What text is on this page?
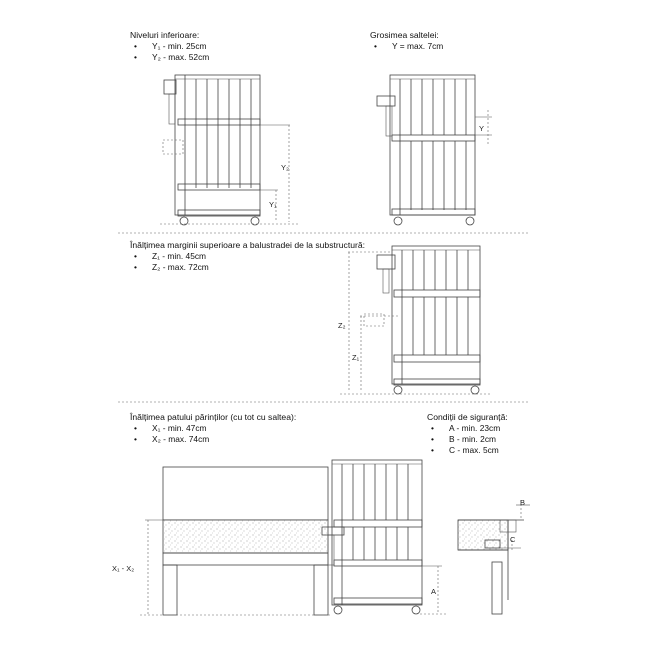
Niveluri inferioare:
• Y₁ - min. 25cm
• Y₂ - max. 52cm
Grosimea saltelei:
• Y = max. 7cm
Înălțimea marginii superioare a balustradei de la substructură:
• Z₁ - min. 45cm
• Z₂ - max. 72cm
Înălțimea patului părinților (cu tot cu saltea):
• X₁ - min. 47cm
• X₂ - max. 74cm
Condiții de siguranță:
• A - min. 23cm
• B - min. 2cm
• C - max. 5cm
Y₂
Y₁
Y
Z₂
Z₁
X₁ - X₂
A
B
C
